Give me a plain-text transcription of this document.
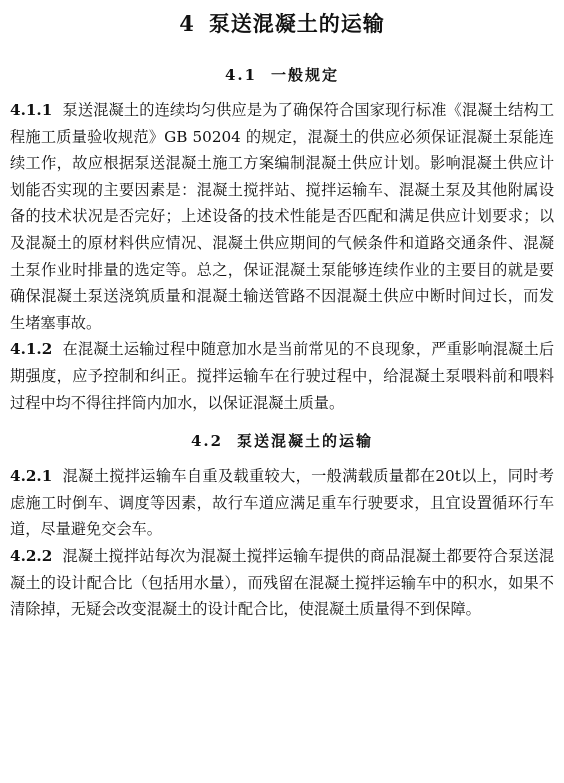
4 泵送混凝土的运输
4.1 一般规定

4.1.1 泵送混凝土的连续均匀供应是为了确保符合国家现行标准《混凝土结构工程施工质量验收规范》GB 50204 的规定，混凝土的供应必须保证混凝土泵能连续工作，故应根据泵送混凝土施工方案编制混凝土供应计划。影响混凝土供应计划能否实现的主要因素是：混凝土搅拌站、搅拌运输车、混凝土泵及其他附属设备的技术状况是否完好；上述设备的技术性能是否匹配和满足供应计划要求；以及混凝土的原材料供应情况、混凝土供应期间的气候条件和道路交通条件、混凝土泵作业时排量的选定等。总之，保证混凝土泵能够连续作业的主要目的就是要确保混凝土泵送浇筑质量和混凝土输送管路不因混凝土供应中断时间过长，而发生堵塞事故。

4.1.2 在混凝土运输过程中随意加水是当前常见的不良现象，严重影响混凝土后期强度，应予控制和纠正。搅拌运输车在行驶过程中，给混凝土泵喂料前和喂料过程中均不得往拌筒内加水，以保证混凝土质量。

4.2 泵送混凝土的运输

4.2.1 混凝土搅拌运输车自重及载重较大，一般满载质量都在20t以上，同时考虑施工时倒车、调度等因素，故行车道应满足重车行驶要求，且宜设置循环行车道，尽量避免交会车。

4.2.2 混凝土搅拌站每次为混凝土搅拌运输车提供的商品混凝土都要符合泵送混凝土的设计配合比（包括用水量），而残留在混凝土搅拌运输车中的积水，如果不清除掉，无疑会改变混凝土的设计配合比，使混凝土质量得不到保障。
